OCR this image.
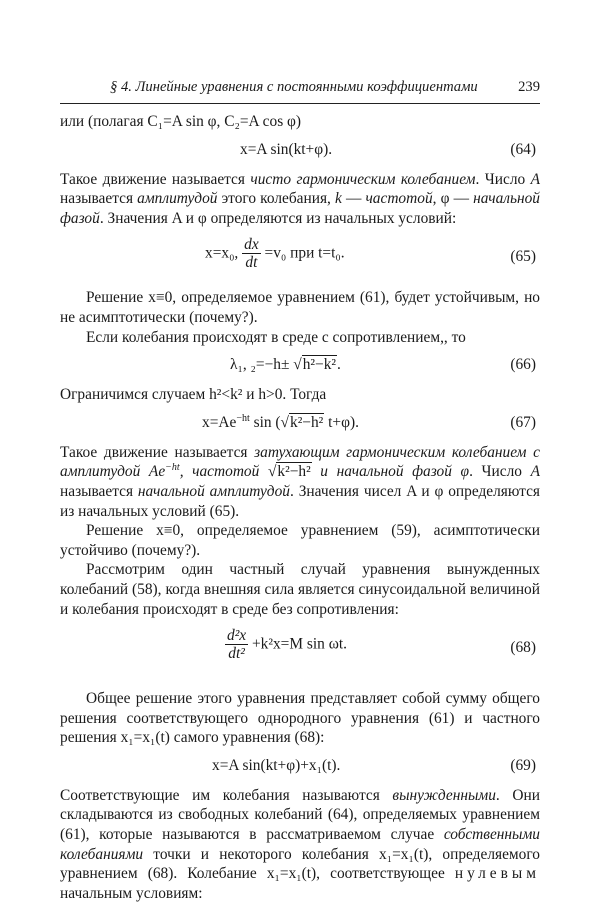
§ 4. Линейные уравнения с постоянными коэффициентами	239

или (полагая C₁=A sin φ, C₂=A cos φ)

x=A sin(kt+φ).	(64)

Такое движение называется чисто гармоническим колебанием. Число A называется амплитудой этого колебания, k — частотой, φ — начальной фазой. Значения A и φ определяются из начальных условий:

x=x₀, $\frac{dx}{dt} =v_0$ при t=t₀.	(65)

Решение x≡0, определяемое уравнением (61), будет устойчивым, но не асимптотически (почему?).

Если колебания происходят в среде с сопротивлением,, то

λ₁, ₂=−h± √h²−k².	(66)

Ограничимся случаем h²<k² и h>0. Тогда

$x=Ae^{-ht}$ sin (√k²−h² t+φ).	(67)

Такое движение называется затухающим гармоническим колебанием с амплитудой $Ae^{-ht}$, частотой √k²−h² и начальной фазой φ. Число A называется начальной амплитудой. Значения чисел A и φ определяются из начальных условий (65).

Решение x≡0, определяемое уравнением (59), асимптотически устойчиво (почему?).

Рассмотрим один частный случай уравнения вынужденных колебаний (58), когда внешняя сила является синусоидальной величиной и колебания происходят в среде без сопротивления:

$\frac{\text{d²x}}{\text{dt²}} +k^2x=M$ sin ωt.	(68)

Общее решение этого уравнения представляет собой сумму общего решения соответствующего однородного уравнения (61) и частного решения x₁=x₁(t) самого уравнения (68):

x=A sin(kt+φ)+x₁(t).	(69)

Соответствующие им колебания называются вынужденными. Они складываются из свободных колебаний (64), определяемых уравнением (61), которые называются в рассматриваемом случае собственными колебаниями точки и некоторого колебания x₁=x₁(t), определяемого уравнением (68). Колебание x₁=x₁(t), соответствующее нулевым начальным условиям:
